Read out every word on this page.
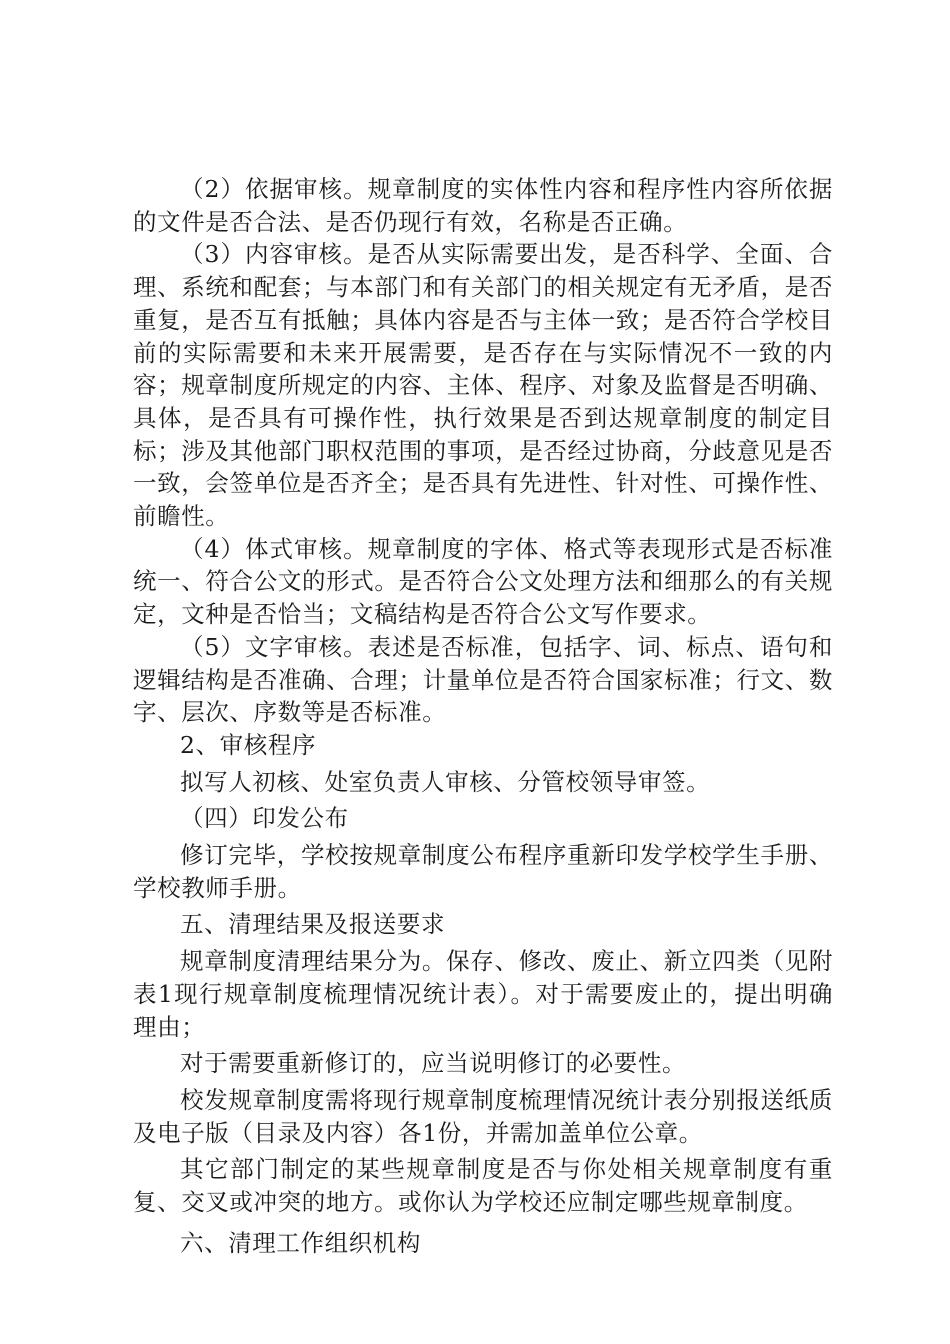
（2）依据审核。规章制度的实体性内容和程序性内容所依据的文件是否合法、是否仍现行有效，名称是否正确。

（3）内容审核。是否从实际需要出发，是否科学、全面、合理、系统和配套；与本部门和有关部门的相关规定有无矛盾，是否重复，是否互有抵触；具体内容是否与主体一致；是否符合学校目前的实际需要和未来开展需要，是否存在与实际情况不一致的内容；规章制度所规定的内容、主体、程序、对象及监督是否明确、具体，是否具有可操作性，执行效果是否到达规章制度的制定目标；涉及其他部门职权范围的事项，是否经过协商，分歧意见是否一致，会签单位是否齐全；是否具有先进性、针对性、可操作性、前瞻性。

（4）体式审核。规章制度的字体、格式等表现形式是否标准统一、符合公文的形式。是否符合公文处理方法和细那么的有关规定，文种是否恰当；文稿结构是否符合公文写作要求。

（5）文字审核。表述是否标准，包括字、词、标点、语句和逻辑结构是否准确、合理；计量单位是否符合国家标准；行文、数字、层次、序数等是否标准。

2、审核程序

拟写人初核、处室负责人审核、分管校领导审签。

（四）印发公布

修订完毕，学校按规章制度公布程序重新印发学校学生手册、学校教师手册。

五、清理结果及报送要求

规章制度清理结果分为。保存、修改、废止、新立四类（见附表1现行规章制度梳理情况统计表）。对于需要废止的，提出明确理由；

对于需要重新修订的，应当说明修订的必要性。

校发规章制度需将现行规章制度梳理情况统计表分别报送纸质及电子版（目录及内容）各1份，并需加盖单位公章。

其它部门制定的某些规章制度是否与你处相关规章制度有重复、交叉或冲突的地方。或你认为学校还应制定哪些规章制度。

六、清理工作组织机构
